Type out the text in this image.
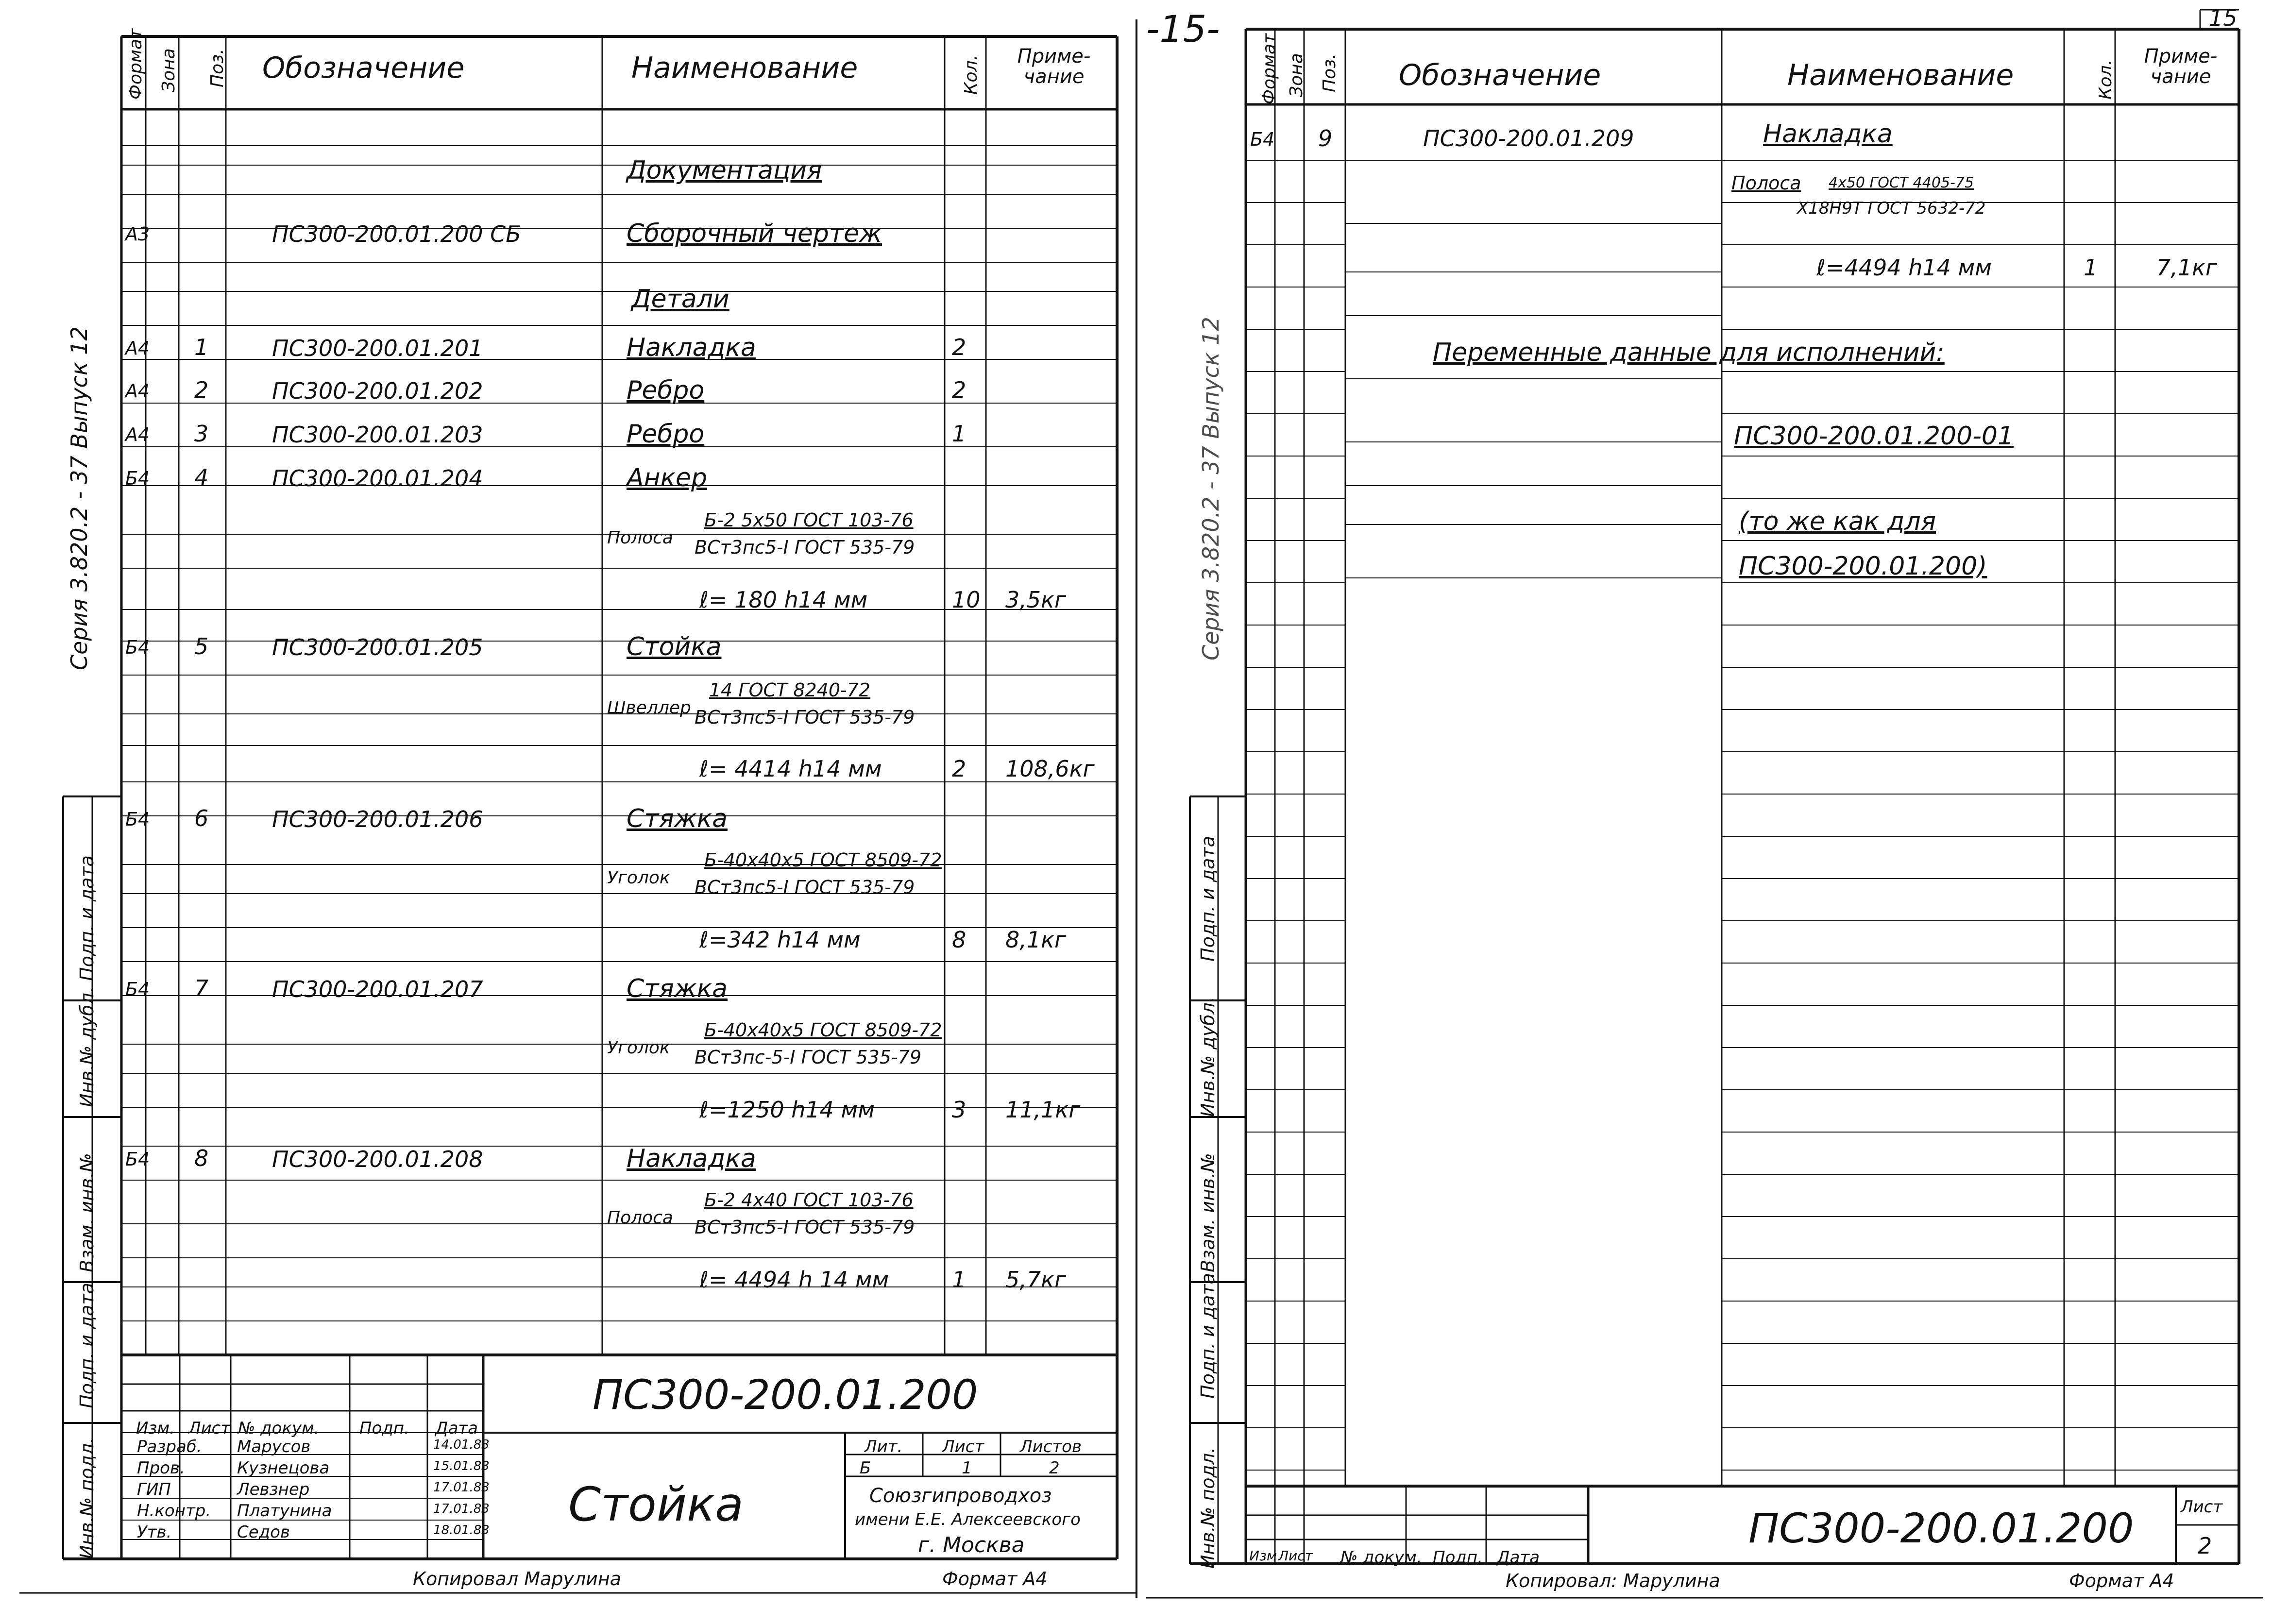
-15-	15
Серия 3.820.2 - 37 Выпуск 12
Подп. и дата
Инв.№ дубл.
Взам. инв.№
Подп. и дата
Инв.№ подл.
Формат Зона Поз. Обозначение	Наименование	Кол.	Приме-
чание
Документация
А3	ПС300-200.01.200 СБ	Сборочный чертеж
Детали
А4 1	ПС300-200.01.201	Накладка	2
А4 2	ПС300-200.01.202	Ребро	2
А4 3	ПС300-200.01.203	Ребро	1
Б4 4	ПС300-200.01.204	Анкер
Полоса
Б-2 5х50 ГОСТ 103-76
ВСт3пс5-I ГОСТ 535-79
ℓ= 180 h14 мм	10 3,5кг
Б4 5	ПС300-200.01.205	Стойка
Швеллер
14 ГОСТ 8240-72
ВСт3пс5-I ГОСТ 535-79
ℓ= 4414 h14 мм	2 108,6кг
Б4 6	ПС300-200.01.206	Стяжка
Уголок
Б-40х40х5 ГОСТ 8509-72
ВСт3пс5-I ГОСТ 535-79
ℓ=342 h14 мм	8 8,1кг
Б4 7	ПС300-200.01.207	Стяжка
Уголок
Б-40х40х5 ГОСТ 8509-72
ВСт3пс-5-I ГОСТ 535-79
ℓ=1250 h14 мм	3 11,1кг
Б4 8	ПС300-200.01.208	Накладка
Полоса
Б-2 4х40 ГОСТ 103-76
ВСт3пс5-I ГОСТ 535-79
ℓ= 4494 h 14 мм	1 5,7кг
ПС300-200.01.200
Изм. Лист № докум. Подп. Дата
Разраб. Марусов	14.01.83
Пров.	Кузнецова	15.01.83
ГИП	Левзнер	17.01.83
Н.контр. Платунина	17.01.83
Утв.	Седов	18.01.83 Стойка
Лит. Лист Листов
Б	1	2
Союзгипроводхоз
имени Е.Е. Алексеевского
г. Москва
Копировал Марулина	Формат А4
Серия 3.820.2 - 37 Выпуск 12
Подп. и дата
Инв.№ дубл.
Взам. инв.№
Подп. и дата
Инв.№ подл.
Формат Зона Поз. Обозначение	Наименование	Кол.
Приме-
чание
Б4 9	ПС300-200.01.209	Накладка
Полоса 4х50 ГОСТ 4405-75
Х18Н9Т ГОСТ 5632-72
ℓ=4494 h14 мм	1	7,1кг
Переменные данные для исполнений:
ПС300-200.01.200-01
(то же как для
ПС300-200.01.200)
Изм.
Лист № докум. Подп. Дата
ПС300-200.01.200	Лист
2
Копировал: Марулина	Формат А4
